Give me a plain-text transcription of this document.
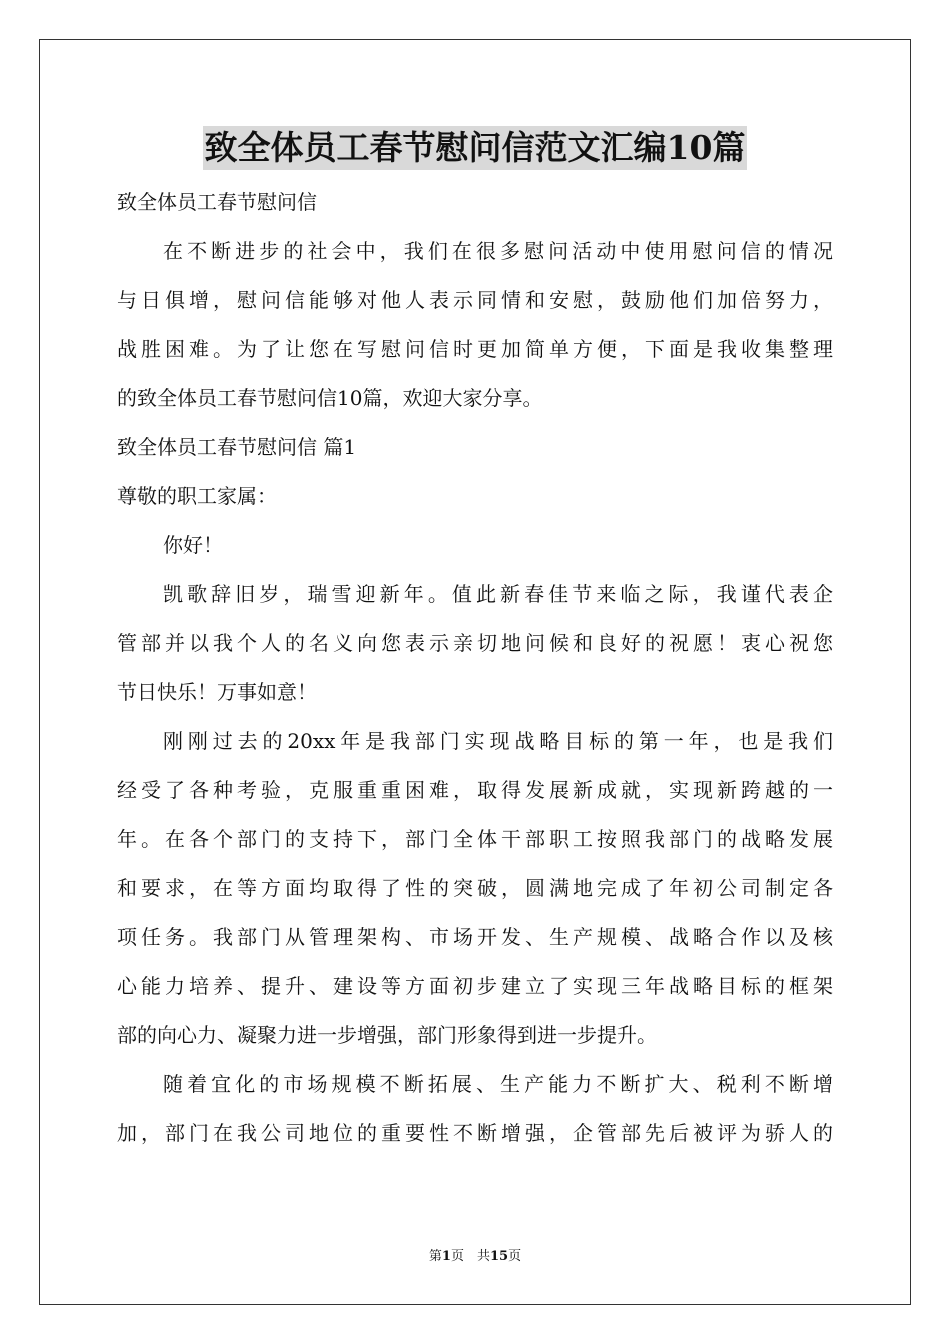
致全体员工春节慰问信范文汇编10篇
致全体员工春节慰问信
在不断进步的社会中，我们在很多慰问活动中使用慰问信的情况
与日俱增，慰问信能够对他人表示同情和安慰，鼓励他们加倍努力，
战胜困难。为了让您在写慰问信时更加简单方便，下面是我收集整理
的致全体员工春节慰问信10篇，欢迎大家分享。
致全体员工春节慰问信 篇1
尊敬的职工家属：
你好！
凯歌辞旧岁，瑞雪迎新年。值此新春佳节来临之际，我谨代表企
管部并以我个人的名义向您表示亲切地问候和良好的祝愿！衷心祝您
节日快乐！万事如意！
刚刚过去的20xx年是我部门实现战略目标的第一年，也是我们
经受了各种考验，克服重重困难，取得发展新成就，实现新跨越的一
年。在各个部门的支持下，部门全体干部职工按照我部门的战略发展
和要求，在等方面均取得了性的突破，圆满地完成了年初公司制定各
项任务。我部门从管理架构、市场开发、生产规模、战略合作以及核
心能力培养、提升、建设等方面初步建立了实现三年战略目标的框架
部的向心力、凝聚力进一步增强，部门形象得到进一步提升。
随着宜化的市场规模不断拓展、生产能力不断扩大、税利不断增
加，部门在我公司地位的重要性不断增强，企管部先后被评为骄人的
第1页　共15页
